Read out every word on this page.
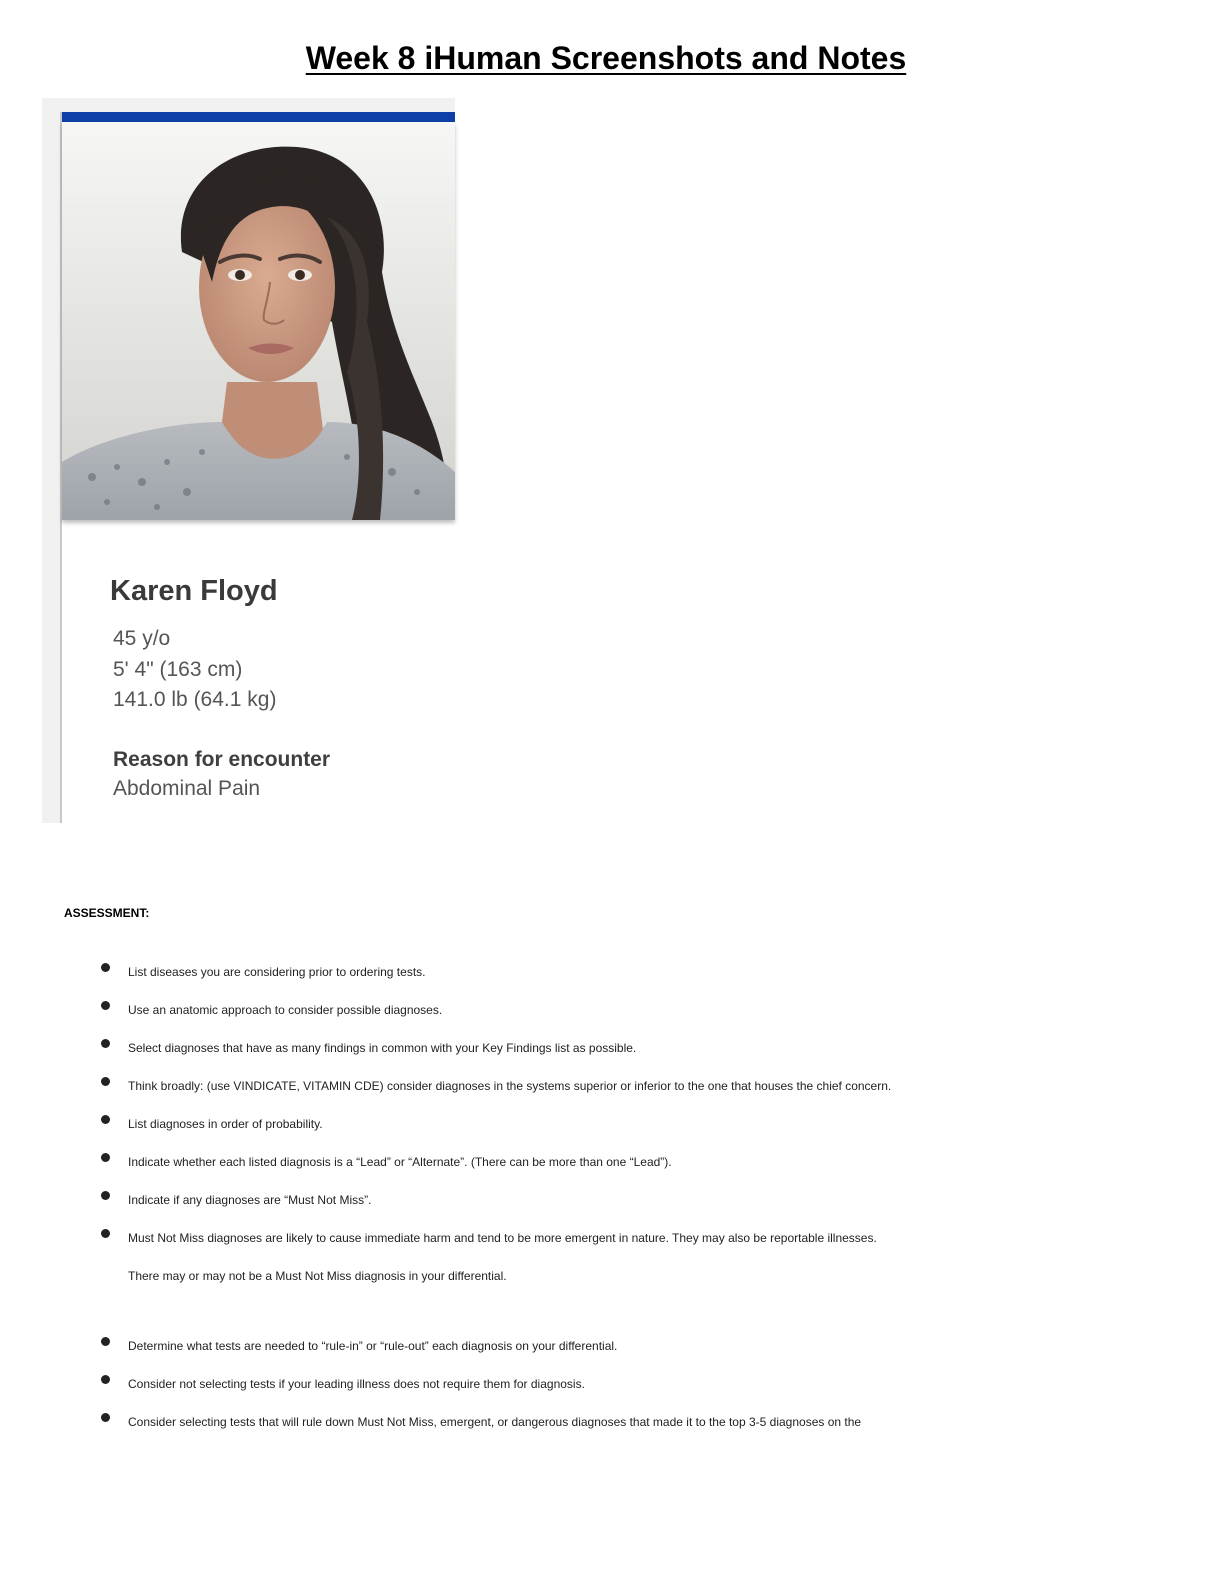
Week 8 iHuman Screenshots and Notes
Karen Floyd
45 y/o
5' 4" (163 cm)
141.0 lb (64.1 kg)
Reason for encounter
Abdominal Pain
ASSESSMENT:
List diseases you are considering prior to ordering tests.
Use an anatomic approach to consider possible diagnoses.
Select diagnoses that have as many findings in common with your Key Findings list as possible.
Think broadly: (use VINDICATE, VITAMIN CDE) consider diagnoses in the systems superior or inferior to the one that houses the chief concern.
List diagnoses in order of probability.
Indicate whether each listed diagnosis is a “Lead” or “Alternate”. (There can be more than one “Lead”).
Indicate if any diagnoses are “Must Not Miss”.
Must Not Miss diagnoses are likely to cause immediate harm and tend to be more emergent in nature. They may also be reportable illnesses.
There may or may not be a Must Not Miss diagnosis in your differential.
Determine what tests are needed to “rule-in” or “rule-out” each diagnosis on your differential.
Consider not selecting tests if your leading illness does not require them for diagnosis.
Consider selecting tests that will rule down Must Not Miss, emergent, or dangerous diagnoses that made it to the top 3-5 diagnoses on the
